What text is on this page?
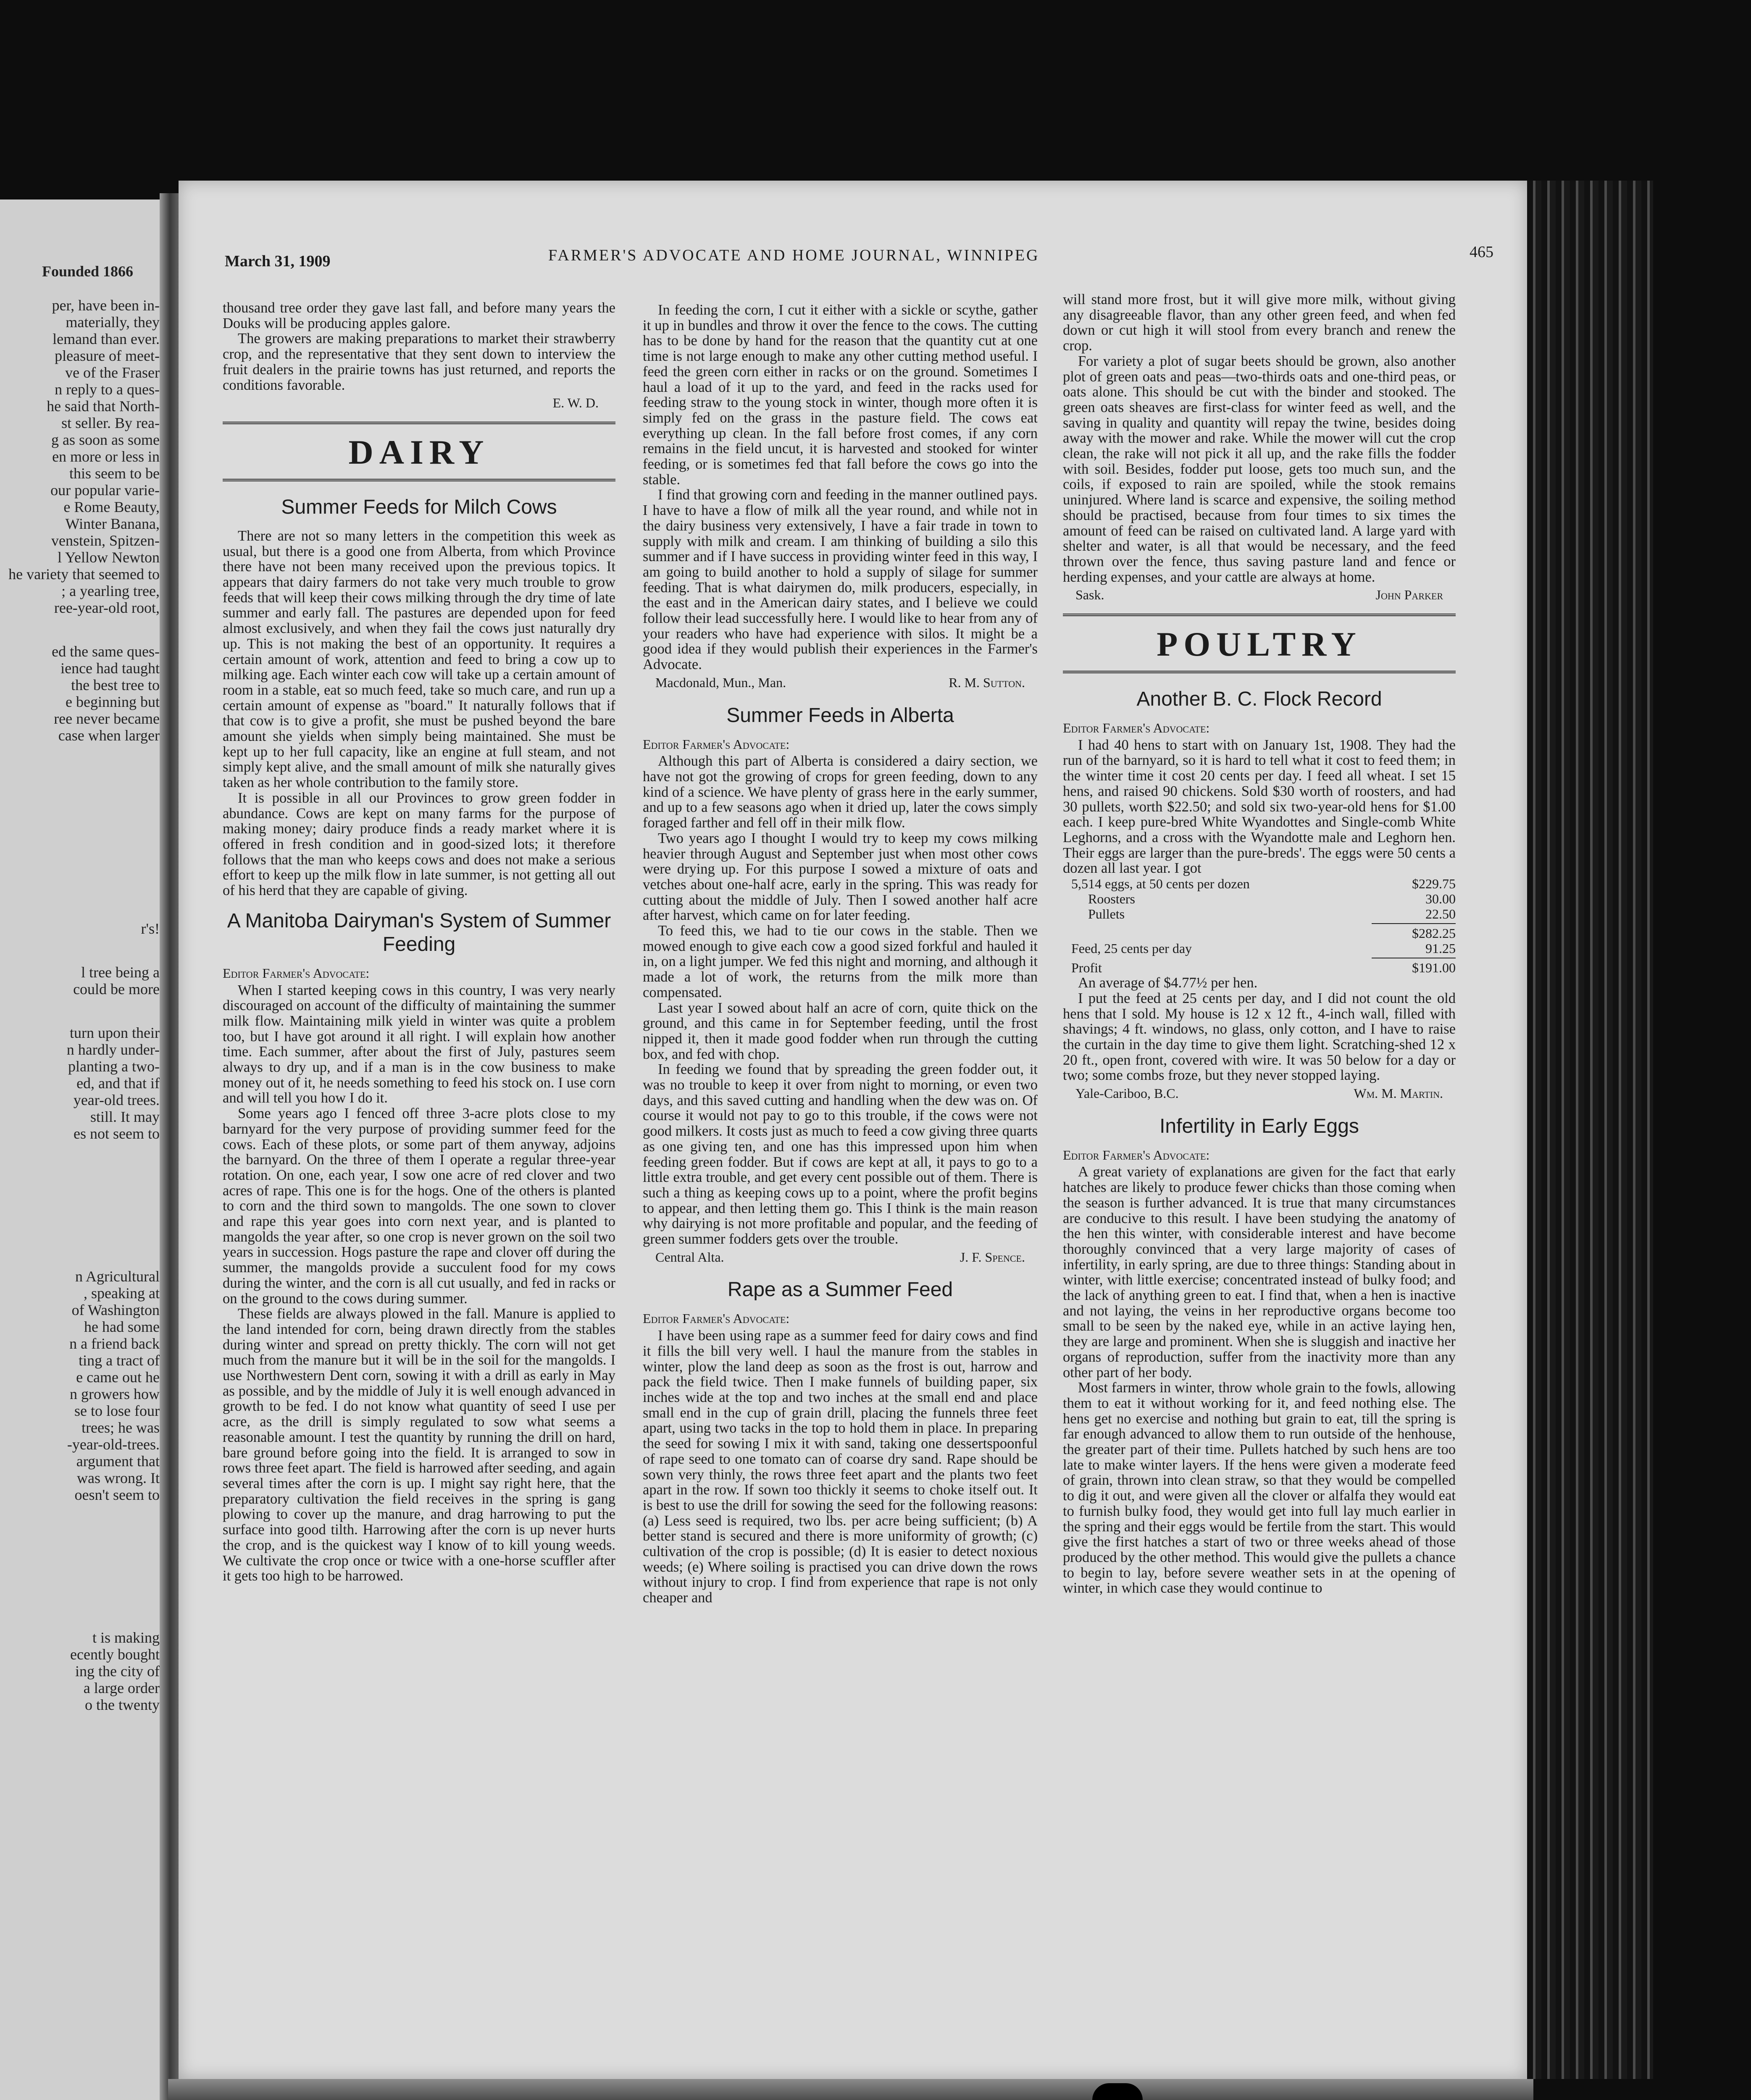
Founded 1866

per, have been in-

materially, they

lemand than ever.

pleasure of meet-

ve of the Fraser

n reply to a ques-

he said that North-

st seller. By rea-

g as soon as some

en more or less in

this seem to be

our popular varie-

e Rome Beauty,

Winter Banana,

venstein, Spitzen-

l Yellow Newton

he variety that seemed to

; a yearling tree,

ree-year-old root,

ed the same ques-

ience had taught

the best tree to

e beginning but

ree never became

case when larger

r's!

l tree being a

could be more

turn upon their

n hardly under-

planting a two-

ed, and that if

year-old trees.

still. It may

es not seem to

n Agricultural

, speaking at

of Washington

he had some

n a friend back

ting a tract of

e came out he

n growers how

se to lose four

trees; he was

-year-old-trees.

argument that

was wrong. It

oesn't seem to

t is making

ecently bought

ing the city of

a large order

o the twenty

March 31, 1909	FARMER'S ADVOCATE AND HOME JOURNAL, WINNIPEG	465

thousand tree order they gave last fall, and before many years the Douks will be producing apples galore.

The growers are making preparations to market their strawberry crop, and the representative that they sent down to interview the fruit dealers in the prairie towns has just returned, and reports the conditions favorable.

E. W. D.
DAIRY
Summer Feeds for Milch Cows

There are not so many letters in the competition this week as usual, but there is a good one from Alberta, from which Province there have not been many received upon the previous topics. It appears that dairy farmers do not take very much trouble to grow feeds that will keep their cows milking through the dry time of late summer and early fall. The pastures are depended upon for feed almost exclusively, and when they fail the cows just naturally dry up. This is not making the best of an opportunity. It requires a certain amount of work, attention and feed to bring a cow up to milking age. Each winter each cow will take up a certain amount of room in a stable, eat so much feed, take so much care, and run up a certain amount of expense as "board." It naturally follows that if that cow is to give a profit, she must be pushed beyond the bare amount she yields when simply being maintained. She must be kept up to her full capacity, like an engine at full steam, and not simply kept alive, and the small amount of milk she naturally gives taken as her whole contribution to the family store.

It is possible in all our Provinces to grow green fodder in abundance. Cows are kept on many farms for the purpose of making money; dairy produce finds a ready market where it is offered in fresh condition and in good-sized lots; it therefore follows that the man who keeps cows and does not make a serious effort to keep up the milk flow in late summer, is not getting all out of his herd that they are capable of giving.

A Manitoba Dairyman's System of Summer Feeding

Editor Farmer's Advocate:

When I started keeping cows in this country, I was very nearly discouraged on account of the difficulty of maintaining the summer milk flow. Maintaining milk yield in winter was quite a problem too, but I have got around it all right. I will explain how another time. Each summer, after about the first of July, pastures seem always to dry up, and if a man is in the cow business to make money out of it, he needs something to feed his stock on. I use corn and will tell you how I do it.

Some years ago I fenced off three 3-acre plots close to my barnyard for the very purpose of providing summer feed for the cows. Each of these plots, or some part of them anyway, adjoins the barnyard. On the three of them I operate a regular three-year rotation. On one, each year, I sow one acre of red clover and two acres of rape. This one is for the hogs. One of the others is planted to corn and the third sown to mangolds. The one sown to clover and rape this year goes into corn next year, and is planted to mangolds the year after, so one crop is never grown on the soil two years in succession. Hogs pasture the rape and clover off during the summer, the mangolds provide a succulent food for my cows during the winter, and the corn is all cut usually, and fed in racks or on the ground to the cows during summer.

These fields are always plowed in the fall. Manure is applied to the land intended for corn, being drawn directly from the stables during winter and spread on pretty thickly. The corn will not get much from the manure but it will be in the soil for the mangolds. I use Northwestern Dent corn, sowing it with a drill as early in May as possible, and by the middle of July it is well enough advanced in growth to be fed. I do not know what quantity of seed I use per acre, as the drill is simply regulated to sow what seems a reasonable amount. I test the quantity by running the drill on hard, bare ground before going into the field. It is arranged to sow in rows three feet apart. The field is harrowed after seeding, and again several times after the corn is up. I might say right here, that the preparatory cultivation the field receives in the spring is gang plowing to cover up the manure, and drag harrowing to put the surface into good tilth. Harrowing after the corn is up never hurts the crop, and is the quickest way I know of to kill young weeds. We cultivate the crop once or twice with a one-horse scuffler after it gets too high to be harrowed.

In feeding the corn, I cut it either with a sickle or scythe, gather it up in bundles and throw it over the fence to the cows. The cutting has to be done by hand for the reason that the quantity cut at one time is not large enough to make any other cutting method useful. I feed the green corn either in racks or on the ground. Sometimes I haul a load of it up to the yard, and feed in the racks used for feeding straw to the young stock in winter, though more often it is simply fed on the grass in the pasture field. The cows eat everything up clean. In the fall before frost comes, if any corn remains in the field uncut, it is harvested and stooked for winter feeding, or is sometimes fed that fall before the cows go into the stable.

I find that growing corn and feeding in the manner outlined pays. I have to have a flow of milk all the year round, and while not in the dairy business very extensively, I have a fair trade in town to supply with milk and cream. I am thinking of building a silo this summer and if I have success in providing winter feed in this way, I am going to build another to hold a supply of silage for summer feeding. That is what dairymen do, milk producers, especially, in the east and in the American dairy states, and I believe we could follow their lead successfully here. I would like to hear from any of your readers who have had experience with silos. It might be a good idea if they would publish their experiences in the Farmer's Advocate.

Macdonald, Mun., Man.	R. M. Sutton.
Summer Feeds in Alberta

Editor Farmer's Advocate:

Although this part of Alberta is considered a dairy section, we have not got the growing of crops for green feeding, down to any kind of a science. We have plenty of grass here in the early summer, and up to a few seasons ago when it dried up, later the cows simply foraged farther and fell off in their milk flow.

Two years ago I thought I would try to keep my cows milking heavier through August and September just when most other cows were drying up. For this purpose I sowed a mixture of oats and vetches about one-half acre, early in the spring. This was ready for cutting about the middle of July. Then I sowed another half acre after harvest, which came on for later feeding.

To feed this, we had to tie our cows in the stable. Then we mowed enough to give each cow a good sized forkful and hauled it in, on a light jumper. We fed this night and morning, and although it made a lot of work, the returns from the milk more than compensated.

Last year I sowed about half an acre of corn, quite thick on the ground, and this came in for September feeding, until the frost nipped it, then it made good fodder when run through the cutting box, and fed with chop.

In feeding we found that by spreading the green fodder out, it was no trouble to keep it over from night to morning, or even two days, and this saved cutting and handling when the dew was on. Of course it would not pay to go to this trouble, if the cows were not good milkers. It costs just as much to feed a cow giving three quarts as one giving ten, and one has this impressed upon him when feeding green fodder. But if cows are kept at all, it pays to go to a little extra trouble, and get every cent possible out of them. There is such a thing as keeping cows up to a point, where the profit begins to appear, and then letting them go. This I think is the main reason why dairying is not more profitable and popular, and the feeding of green summer fodders gets over the trouble.

Central Alta.	J. F. Spence.
Rape as a Summer Feed

Editor Farmer's Advocate:

I have been using rape as a summer feed for dairy cows and find it fills the bill very well. I haul the manure from the stables in winter, plow the land deep as soon as the frost is out, harrow and pack the field twice. Then I make funnels of building paper, six inches wide at the top and two inches at the small end and place small end in the cup of grain drill, placing the funnels three feet apart, using two tacks in the top to hold them in place. In preparing the seed for sowing I mix it with sand, taking one dessertspoonful of rape seed to one tomato can of coarse dry sand. Rape should be sown very thinly, the rows three feet apart and the plants two feet apart in the row. If sown too thickly it seems to choke itself out. It is best to use the drill for sowing the seed for the following reasons: (a) Less seed is required, two lbs. per acre being sufficient; (b) A better stand is secured and there is more uniformity of growth; (c) cultivation of the crop is possible; (d) It is easier to detect noxious weeds; (e) Where soiling is practised you can drive down the rows without injury to crop. I find from experience that rape is not only cheaper and

will stand more frost, but it will give more milk, without giving any disagreeable flavor, than any other green feed, and when fed down or cut high it will stool from every branch and renew the crop.

For variety a plot of sugar beets should be grown, also another plot of green oats and peas—two-thirds oats and one-third peas, or oats alone. This should be cut with the binder and stooked. The green oats sheaves are first-class for winter feed as well, and the saving in quality and quantity will repay the twine, besides doing away with the mower and rake. While the mower will cut the crop clean, the rake will not pick it all up, and the rake fills the fodder with soil. Besides, fodder put loose, gets too much sun, and the coils, if exposed to rain are spoiled, while the stook remains uninjured. Where land is scarce and expensive, the soiling method should be practised, because from four times to six times the amount of feed can be raised on cultivated land. A large yard with shelter and water, is all that would be necessary, and the feed thrown over the fence, thus saving pasture land and fence or herding expenses, and your cattle are always at home.

Sask.	John Parker
POULTRY
Another B. C. Flock Record

Editor Farmer's Advocate:

I had 40 hens to start with on January 1st, 1908. They had the run of the barnyard, so it is hard to tell what it cost to feed them; in the winter time it cost 20 cents per day. I feed all wheat. I set 15 hens, and raised 90 chickens. Sold $30 worth of roosters, and had 30 pullets, worth $22.50; and sold six two-year-old hens for $1.00 each. I keep pure-bred White Wyandottes and Single-comb White Leghorns, and a cross with the Wyandotte male and Leghorn hen. Their eggs are larger than the pure-breds'. The eggs were 50 cents a dozen all last year. I got

5,514 eggs, at 50 cents per dozen	$229.75
Roosters	30.00
Pullets	22.50
$282.25
Feed, 25 cents per day	91.25
Profit	$191.00

An average of $4.77½ per hen.

I put the feed at 25 cents per day, and I did not count the old hens that I sold. My house is 12 x 12 ft., 4-inch wall, filled with shavings; 4 ft. windows, no glass, only cotton, and I have to raise the curtain in the day time to give them light. Scratching-shed 12 x 20 ft., open front, covered with wire. It was 50 below for a day or two; some combs froze, but they never stopped laying.

Yale-Cariboo, B.C.	Wm. M. Martin.
Infertility in Early Eggs

Editor Farmer's Advocate:

A great variety of explanations are given for the fact that early hatches are likely to produce fewer chicks than those coming when the season is further advanced. It is true that many circumstances are conducive to this result. I have been studying the anatomy of the hen this winter, with considerable interest and have become thoroughly convinced that a very large majority of cases of infertility, in early spring, are due to three things: Standing about in winter, with little exercise; concentrated instead of bulky food; and the lack of anything green to eat. I find that, when a hen is inactive and not laying, the veins in her reproductive organs become too small to be seen by the naked eye, while in an active laying hen, they are large and prominent. When she is sluggish and inactive her organs of reproduction, suffer from the inactivity more than any other part of her body.

Most farmers in winter, throw whole grain to the fowls, allowing them to eat it without working for it, and feed nothing else. The hens get no exercise and nothing but grain to eat, till the spring is far enough advanced to allow them to run outside of the henhouse, the greater part of their time. Pullets hatched by such hens are too late to make winter layers. If the hens were given a moderate feed of grain, thrown into clean straw, so that they would be compelled to dig it out, and were given all the clover or alfalfa they would eat to furnish bulky food, they would get into full lay much earlier in the spring and their eggs would be fertile from the start. This would give the first hatches a start of two or three weeks ahead of those produced by the other method. This would give the pullets a chance to begin to lay, before severe weather sets in at the opening of winter, in which case they would continue to
